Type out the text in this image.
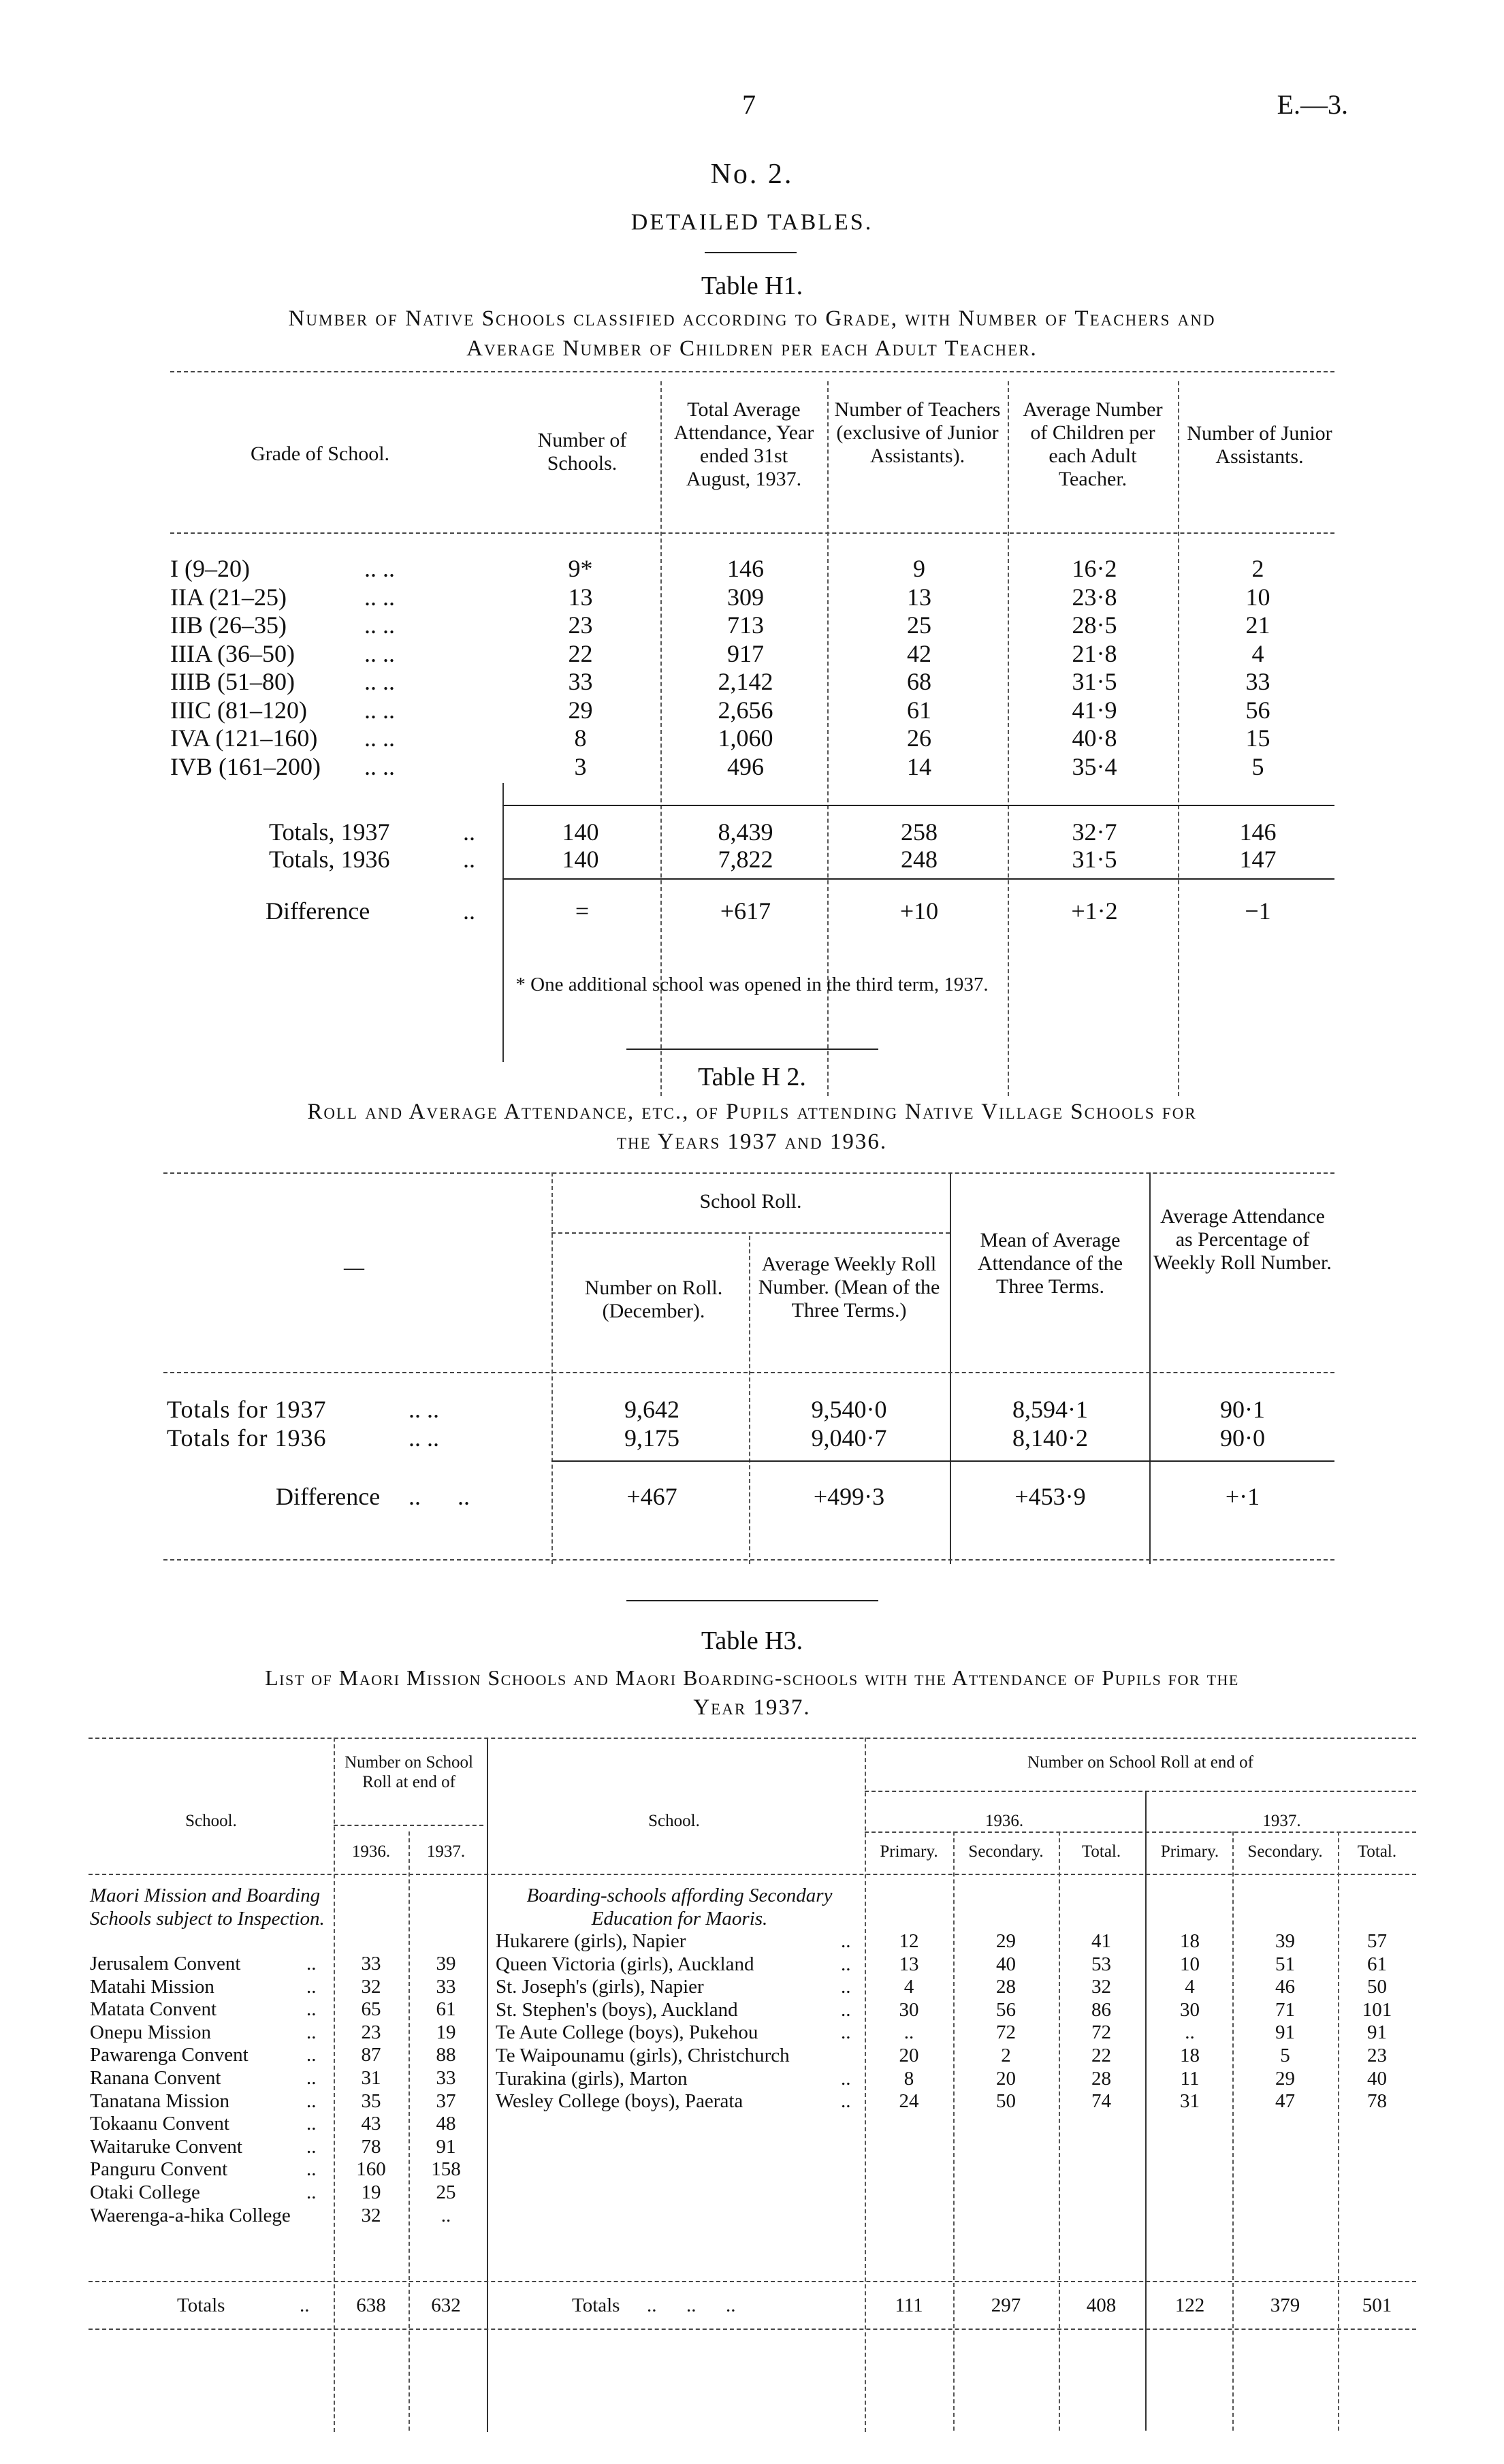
7	E.—3.
No. 2.
DETAILED TABLES.
Table H1.
Number of Native Schools classified according to Grade, with Number of Teachers and
Average Number of Children per each Adult Teacher.
Grade of School.
Number of Schools.
Total Average Attendance, Year ended 31st August, 1937.
Number of Teachers (exclusive of Junior Assistants).
Average Number of Children per each Adult Teacher.
Number of Junior Assistants.
I (9–20)	.. ..	9*	146	9	16·2	2
IIA (21–25)	.. ..	13	309	13	23·8	10
IIB (26–35)	.. ..	23	713	25	28·5	21
IIIA (36–50)	.. ..	22	917	42	21·8	4
IIIB (51–80)	.. ..	33	2,142	68	31·5	33
IIIC (81–120)	.. ..	29	2,656	61	41·9	56
IVA (121–160)	.. ..	8	1,060	26	40·8	15
IVB (161–200)	.. ..	3	496	14	35·4	5
Totals, 1937	..	140	8,439	258	32·7	146
Totals, 1936	..	140	7,822	248	31·5	147
Difference	..	=	+617	+10	+1·2	−1
* One additional school was opened in the third term, 1937.
Table H 2.
Roll and Average Attendance, etc., of Pupils attending Native Village Schools for
the Years 1937 and 1936.
—
School Roll.
Number on Roll. (December).
Average Weekly Roll Number. (Mean of the Three Terms.)
Mean of Average Attendance of the Three Terms.
Average Attendance as Percentage of Weekly Roll Number.
Totals for 1937	.. ..	9,642	9,540·0	8,594·1	90·1
Totals for 1936	.. ..	9,175	9,040·7	8,140·2	90·0
Difference	..      ..	+467	+499·3	+453·9	+·1
Table H3.
List of Maori Mission Schools and Maori Boarding-schools with the Attendance of Pupils for the
Year 1937.
School.
Number on School Roll at end of
1936.	1937.
School.
Number on School Roll at end of
1936.	1937.
Primary.	Secondary.	Total.	Primary.	Secondary.	Total.
Maori Mission and Boarding Schools subject to Inspection.
Boarding-schools affording Secondary Education for Maoris.
Jerusalem Convent	..	33	39
Matahi Mission	..	32	33
Matata Convent	..	65	61
Onepu Mission	..	23	19
Pawarenga Convent	..	87	88
Ranana Convent	..	31	33
Tanatana Mission	..	35	37
Tokaanu Convent	..	43	48
Waitaruke Convent	..	78	91
Panguru Convent	..	160	158
Otaki College	..	19	25
Waerenga-a-hika College	32	..
Hukarere (girls), Napier	..	12	29	41	18	39	57
Queen Victoria (girls), Auckland	..	13	40	53	10	51	61
St. Joseph's (girls), Napier	..	4	28	32	4	46	50
St. Stephen's (boys), Auckland	..	30	56	86	30	71	101
Te Aute College (boys), Pukehou	..	..	72	72	..	91	91
Te Waipounamu (girls), Christchurch	20	2	22	18	5	23
Turakina (girls), Marton	..	8	20	28	11	29	40
Wesley College (boys), Paerata	..	24	50	74	31	47	78
Totals	..	638	632	Totals	..      ..      ..	111	297	408	122	379	501
